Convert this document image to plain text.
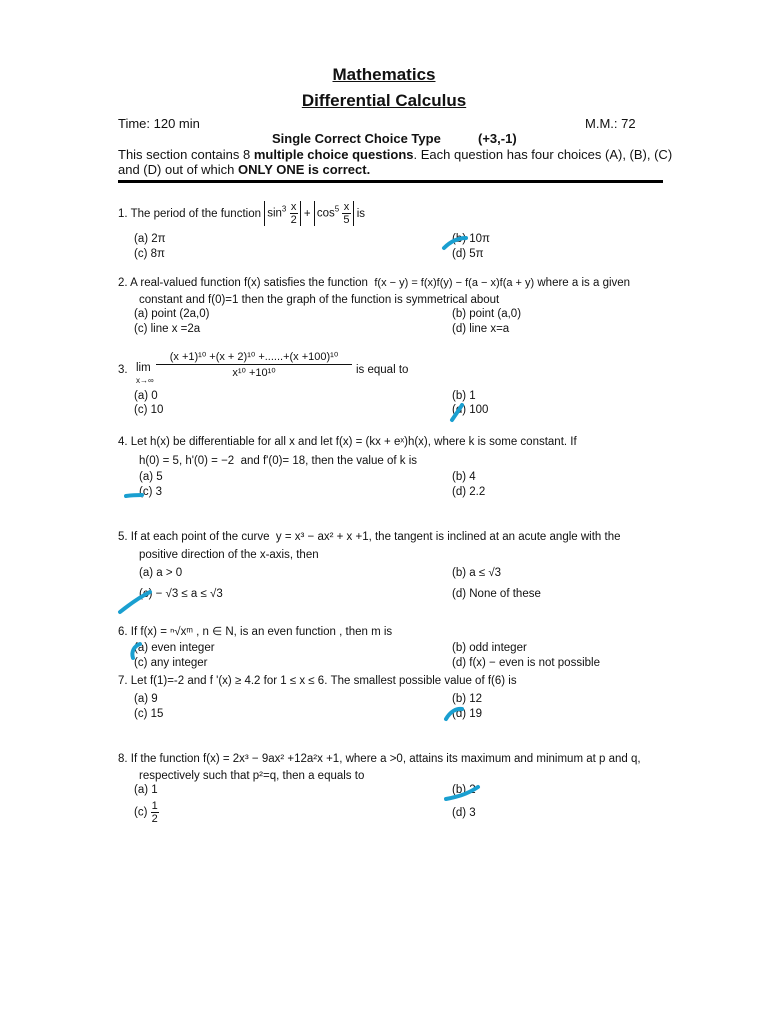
Mathematics
Differential Calculus
Time: 120 min	M.M.: 72
Single Correct Choice Type	(+3,-1)
This section contains 8 multiple choice questions. Each question has four choices (A), (B), (C)
and (D) out of which ONLY ONE is correct.
1. The period of the function $\sin^3 \frac{x}{2} + \cos^5 \frac{x}{5}$ is
(a) 2π	(b) 10π
(c) 8π	(d) 5π
2. A real-valued function f(x) satisfies the function f(x − y) = f(x)f(y) − f(a − x)f(a + y) where a is a given
constant and f(0)=1 then the graph of the function is symmetrical about
(a) point (2a,0)	(b) point (a,0)
(c) line x =2a	(d) line x=a
3. lim
x→∞
$\frac{\text{(x +1)¹⁰ +(x + 2)¹⁰ +......+(x +100)¹⁰}}{\text{x¹⁰ +10¹⁰}}$ is equal to
(a) 0	(b) 1
(c) 10	(d) 100
4. Let h(x) be differentiable for all x and let f(x) = (kx + eˣ)h(x), where k is some constant. If
h(0) = 5, h'(0) = −2 and f'(0)= 18, then the value of k is
(a) 5	(b) 4
(c) 3	(d) 2.2
5. If at each point of the curve y = x³ − ax² + x +1, the tangent is inclined at an acute angle with the
positive direction of the x-axis, then
(a) a > 0	(b) a ≤ √3
(c) − √3 ≤ a ≤ √3	(d) None of these
6. If f(x) = ⁿ√xᵐ , n ∈ N, is an even function , then m is
(a) even integer	(b) odd integer
(c) any integer	(d) f(x) − even is not possible
7. Let f(1)=-2 and f '(x) ≥ 4.2 for 1 ≤ x ≤ 6. The smallest possible value of f(6) is
(a) 9	(b) 12
(c) 15	(d) 19
8. If the function f(x) = 2x³ − 9ax² +12a²x +1, where a >0, attains its maximum and minimum at p and q,
respectively such that p²=q, then a equals to
(a) 1	(b) 2
$(c) \frac{1}{2}$	(d) 3
